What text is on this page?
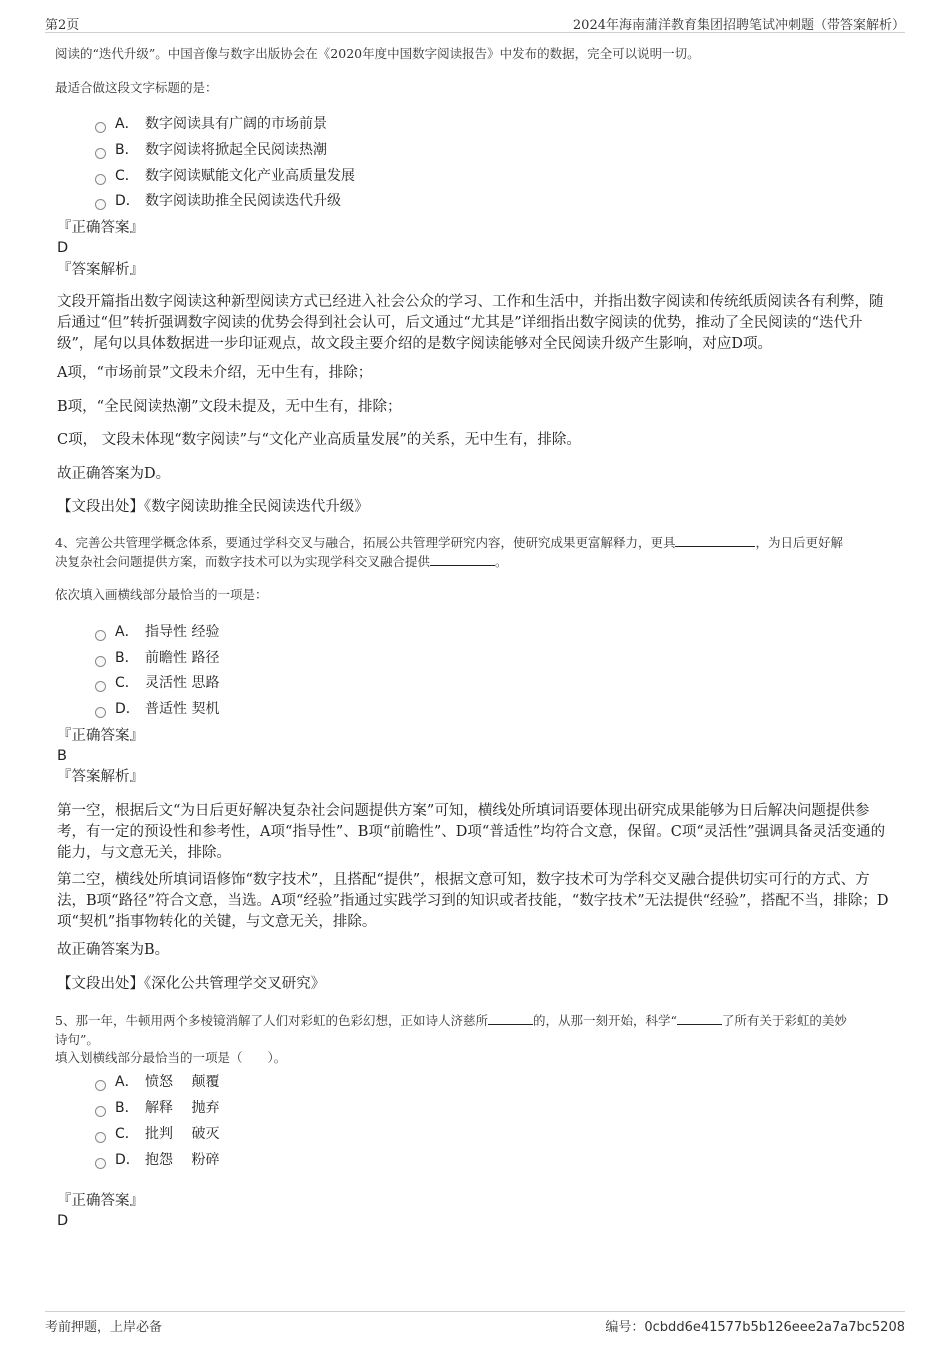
第2页	2024年海南蒲洋教育集团招聘笔试冲刺题（带答案解析）
阅读的“迭代升级”。中国音像与数字出版协会在《2020年度中国数字阅读报告》中发布的数据，完全可以说明一切。
最适合做这段文字标题的是：
A． 数字阅读具有广阔的市场前景
B． 数字阅读将掀起全民阅读热潮
C． 数字阅读赋能文化产业高质量发展
D． 数字阅读助推全民阅读迭代升级
『正确答案』
D
『答案解析』
文段开篇指出数字阅读这种新型阅读方式已经进入社会公众的学习、工作和生活中，并指出数字阅读和传统纸质阅读各有利弊，随后通过“但”转折强调数字阅读的优势会得到社会认可，后文通过“尤其是”详细指出数字阅读的优势，推动了全民阅读的“迭代升级”，尾句以具体数据进一步印证观点，故文段主要介绍的是数字阅读能够对全民阅读升级产生影响，对应D项。
A项，“市场前景”文段未介绍，无中生有，排除；
B项，“全民阅读热潮”文段未提及，无中生有，排除；
C项， 文段未体现“数字阅读”与“文化产业高质量发展”的关系，无中生有，排除。
故正确答案为D。
【文段出处】《数字阅读助推全民阅读迭代升级》
4、完善公共管理学概念体系，要通过学科交叉与融合，拓展公共管理学研究内容，使研究成果更富解释力，更具	，为日后更好解
决复杂社会问题提供方案，而数字技术可以为实现学科交叉融合提供	。
依次填入画横线部分最恰当的一项是：
A． 指导性 经验
B． 前瞻性 路径
C． 灵活性 思路
D． 普适性 契机
『正确答案』
B
『答案解析』
第一空，根据后文“为日后更好解决复杂社会问题提供方案”可知，横线处所填词语要体现出研究成果能够为日后解决问题提供参考，有一定的预设性和参考性，A项“指导性”、B项“前瞻性”、D项“普适性”均符合文意，保留。C项“灵活性”强调具备灵活变通的能力，与文意无关，排除。
第二空，横线处所填词语修饰“数字技术”，且搭配“提供”，根据文意可知，数字技术可为学科交叉融合提供切实可行的方式、方法，B项“路径”符合文意，当选。A项“经验”指通过实践学习到的知识或者技能，“数字技术”无法提供“经验”，搭配不当，排除；D项“契机”指事物转化的关键，与文意无关，排除。
故正确答案为B。
【文段出处】《深化公共管理学交叉研究》
5、那一年，牛顿用两个多棱镜消解了人们对彩虹的色彩幻想，正如诗人济慈所	的，从那一刻开始，科学“	了所有关于彩虹的美妙
诗句”。
填入划横线部分最恰当的一项是（　　）。
A． 愤怒　 颠覆
B． 解释　 抛弃
C． 批判　 破灭
D． 抱怨　 粉碎
『正确答案』
D
考前押题，上岸必备	编号：0cbdd6e41577b5b126eee2a7a7bc5208
